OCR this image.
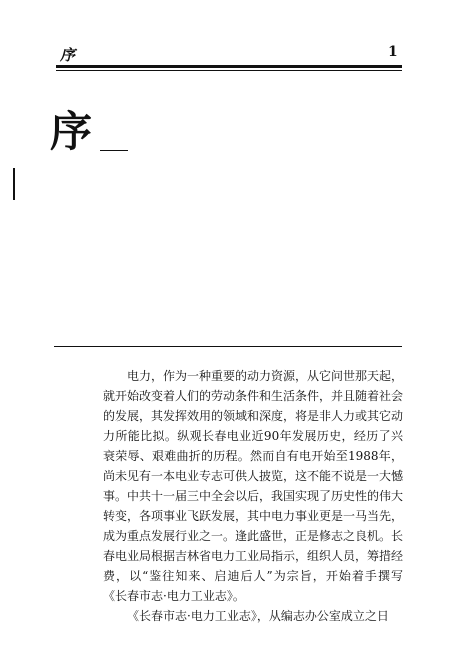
序	1
序

电力，作为一种重要的动力资源，从它问世那天起，就开始改变着人们的劳动条件和生活条件，并且随着社会的发展，其发挥效用的领域和深度，将是非人力或其它动力所能比拟。纵观长春电业近90年发展历史，经历了兴衰荣辱、艰难曲折的历程。然而自有电开始至1988年，尚未见有一本电业专志可供人披览，这不能不说是一大憾事。中共十一届三中全会以后，我国实现了历史性的伟大转变，各项事业飞跃发展，其中电力事业更是一马当先，成为重点发展行业之一。逢此盛世，正是修志之良机。长春电业局根据吉林省电力工业局指示，组织人员，筹措经费，以“鉴往知来、启迪后人”为宗旨，开始着手撰写《长春市志·电力工业志》。

《长春市志·电力工业志》，从编志办公室成立之日
